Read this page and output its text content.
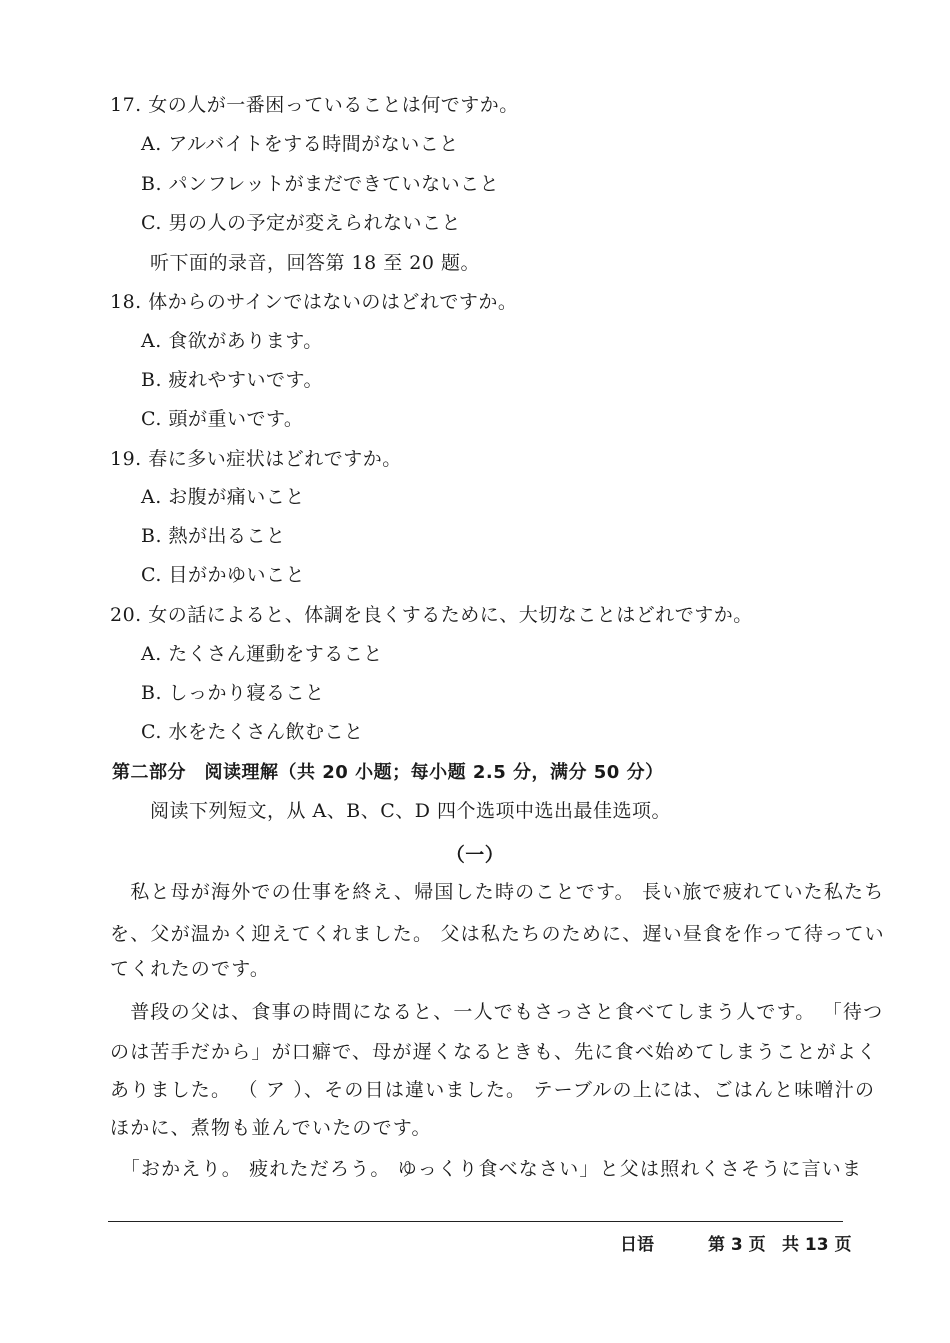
17. 女の人が一番困っていることは何ですか。
A. アルバイトをする時間がないこと
B. パンフレットがまだできていないこと
C. 男の人の予定が変えられないこと
听下面的录音，回答第 18 至 20 题。
18. 体からのサインではないのはどれですか。
A. 食欲があります。
B. 疲れやすいです。
C. 頭が重いです。
19. 春に多い症状はどれですか。
A. お腹が痛いこと
B. 熱が出ること
C. 目がかゆいこと
20. 女の話によると、体調を良くするために、大切なことはどれですか。
A. たくさん運動をすること
B. しっかり寝ること
C. 水をたくさん飲むこと
第二部分　阅读理解（共 20 小题；每小题 2.5 分，满分 50 分）
阅读下列短文，从 A、B、C、D 四个选项中选出最佳选项。
（一）
　私と母が海外での仕事を終え、帰国した時のことです。 長い旅で疲れていた私たち
を、父が温かく迎えてくれました。 父は私たちのために、遅い昼食を作って待ってい
てくれたのです。
　普段の父は、食事の時間になると、一人でもさっさと食べてしまう人です。 「待つ
のは苦手だから」が口癖で、母が遅くなるときも、先に食べ始めてしまうことがよく
ありました。 （ ア ）、その日は違いました。 テーブルの上には、ごはんと味噌汁の
ほかに、煮物も並んでいたのです。
　「おかえり。 疲れただろう。 ゆっくり食べなさい」と父は照れくさそうに言いま
日语	第 3 页 共 13 页
